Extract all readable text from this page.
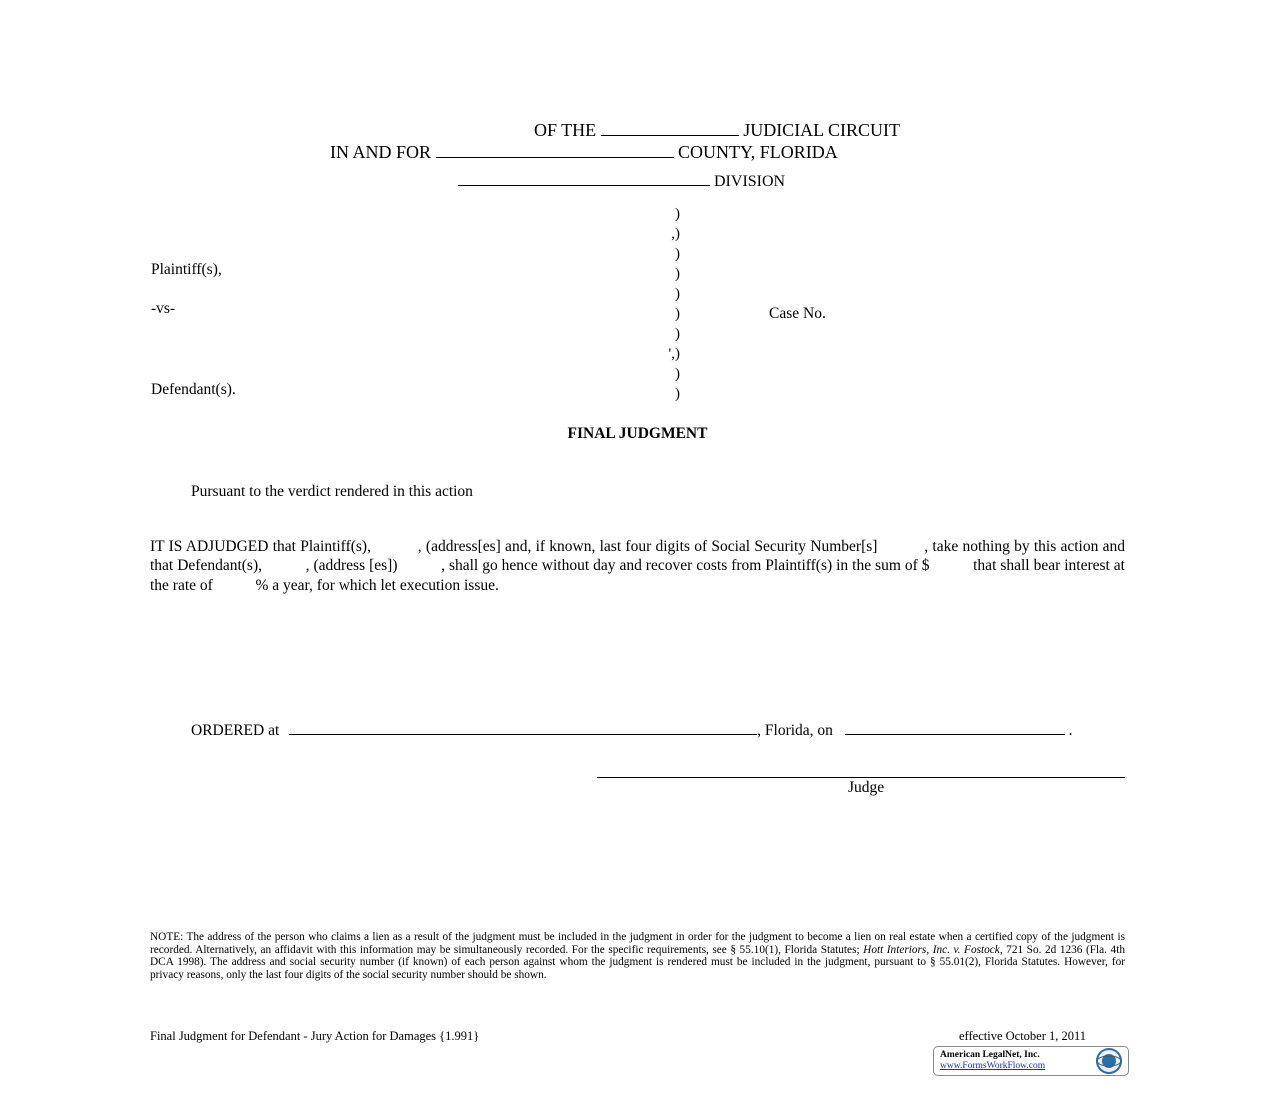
OF THE	JUDICIAL CIRCUIT
IN AND FOR	COUNTY, FLORIDA
DIVISION
)
,)
)
)
)
)
)
',)
)
)
Plaintiff(s),
-vs-	Case No.
Defendant(s).
FINAL JUDGMENT
Pursuant to the verdict rendered in this action

IT IS ADJUDGED that Plaintiff(s),           , (address[es] and, if known, last four digits of Social Security Number[s]           , take nothing by this action and that Defendant(s),           , (address [es])           , shall go hence without day and recover costs from Plaintiff(s) in the sum of $           that shall bear interest at the rate of           % a year, for which let execution issue.
ORDERED at	, Florida, on	.
Judge
NOTE: The address of the person who claims a lien as a result of the judgment must be included in the judgment in order for the judgment to become a lien on real estate when a certified copy of the judgment is recorded. Alternatively, an affidavit with this information may be simultaneously recorded. For the specific requirements, see § 55.10(1), Florida Statutes; Hott Interiors, Inc. v. Fostock, 721 So. 2d 1236 (Fla. 4th DCA 1998). The address and social security number (if known) of each person against whom the judgment is rendered must be included in the judgment, pursuant to § 55.01(2), Florida Statutes. However, for privacy reasons, only the last four digits of the social security number should be shown.
Final Judgment for Defendant - Jury Action for Damages {1.991}	effective October 1, 2011
American LegalNet, Inc.
www.FormsWorkFlow.com
